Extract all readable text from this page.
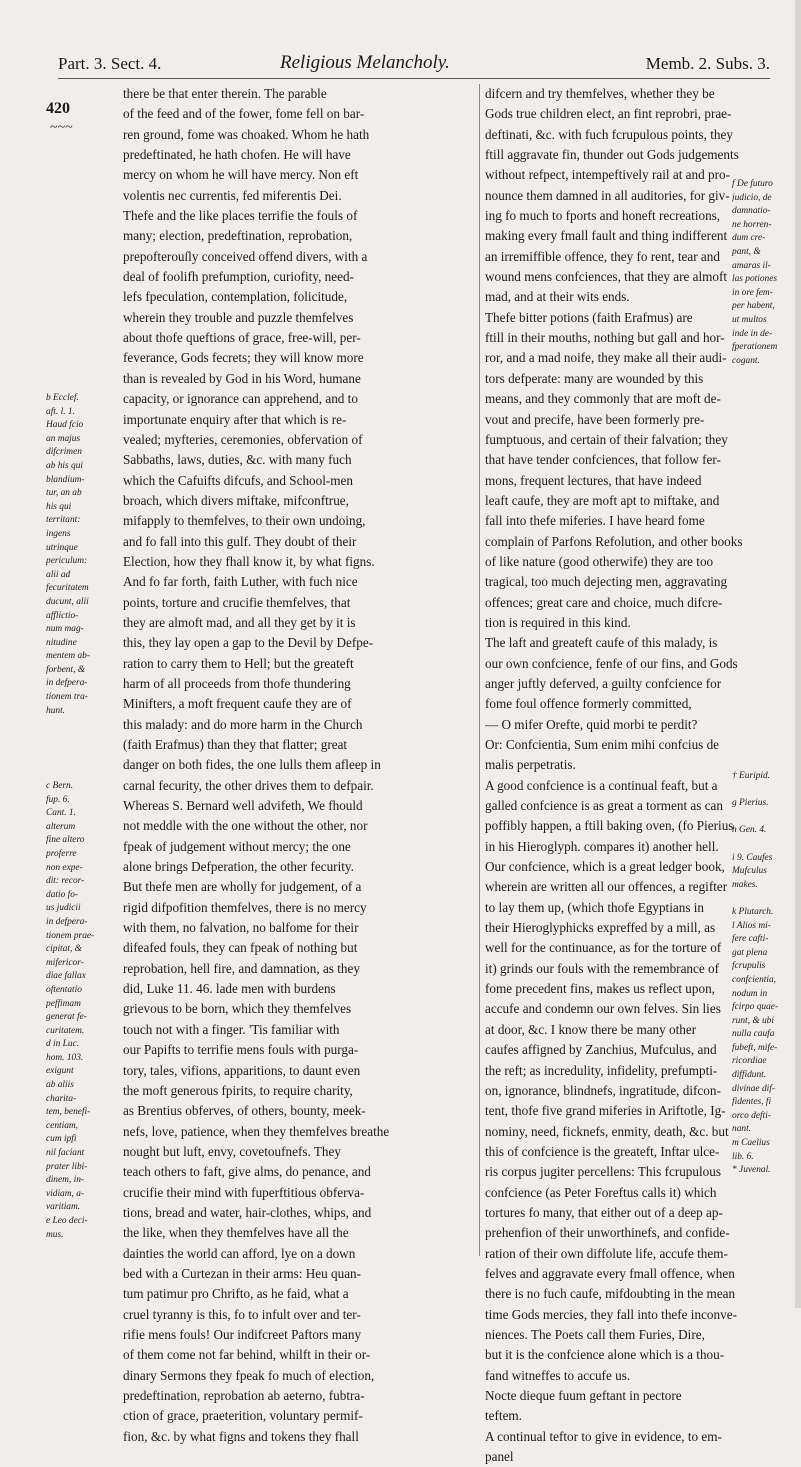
Part. 3. Sect. 4.	Religious Melancholy.	Memb. 2. Subs. 3.
420
~~~
b Ecclef.
aft. l. 1.
Haud fcio
an majus
difcrimen
ab his qui
blandium-
tur, an ab
his qui
territant:
ingens
utrinque
periculum:
alii ad
fecuritatem
ducunt, alii
afflictio-
num mag-
nitudine
mentem ab-
forbent, &
in defpera-
tionem tra-
hunt.
c Bern.
fup. 6.
Cant. 1.
alterum
fine altero
proferre
non expe-
dit: recor-
datio fo-
us judicii
in defpera-
tionem prae-
cipitat, &
mifericor-
diae fallax
oftentatio
peffimam
generat fe-
curitatem.
d in Luc.
hom. 103.
exigunt
ab aliis
charita-
tem, benefi-
centiam,
cum ipfi
nil faciant
prater libi-
dinem, in-
vidiam, a-
varitiam.
e Leo deci-
mus.
there be that enter therein. The parable
of the feed and of the fower, fome fell on bar-
ren ground, fome was choaked. Whom he hath
predeftinated, he hath chofen. He will have
mercy on whom he will have mercy. Non eft
volentis nec currentis, fed miferentis Dei.
Thefe and the like places terrifie the fouls of
many; election, predeftination, reprobation,
prepofterouſly conceived offend divers, with a
deal of foolifh prefumption, curiofity, need-
lefs fpeculation, contemplation, folicitude,
wherein they trouble and puzzle themfelves
about thofe queftions of grace, free-will, per-
feverance, Gods fecrets; they will know more
than is revealed by God in his Word, humane
capacity, or ignorance can apprehend, and to
importunate enquiry after that which is re-
vealed; myfteries, ceremonies, obfervation of
Sabbaths, laws, duties, &c. with many fuch
which the Cafuifts difcufs, and School-men
broach, which divers miftake, mifconftrue,
mifapply to themfelves, to their own undoing,
and fo fall into this gulf. They doubt of their
Election, how they fhall know it, by what figns.
And fo far forth, faith Luther, with fuch nice
points, torture and crucifie themfelves, that
they are almoft mad, and all they get by it is
this, they lay open a gap to the Devil by Defpe-
ration to carry them to Hell; but the greateft
harm of all proceeds from thofe thundering
Minifters, a moft frequent caufe they are of
this malady: and do more harm in the Church
(faith Erafmus) than they that flatter; great
danger on both fides, the one lulls them afleep in
carnal fecurity, the other drives them to defpair.
Whereas S. Bernard well advifeth, We fhould
not meddle with the one without the other, nor
fpeak of judgement without mercy; the one
alone brings Defperation, the other fecurity.
But thefe men are wholly for judgement, of a
rigid difpofition themfelves, there is no mercy
with them, no falvation, no balfome for their
difeafed fouls, they can fpeak of nothing but
reprobation, hell fire, and damnation, as they
did, Luke 11. 46. lade men with burdens
grievous to be born, which they themfelves
touch not with a finger. 'Tis familiar with
our Papifts to terrifie mens fouls with purga-
tory, tales, vifions, apparitions, to daunt even
the moft generous fpirits, to require charity,
as Brentius obferves, of others, bounty, meek-
nefs, love, patience, when they themfelves breathe
nought but luft, envy, covetoufnefs. They
teach others to faft, give alms, do penance, and
crucifie their mind with fuperftitious obferva-
tions, bread and water, hair-clothes, whips, and
the like, when they themfelves have all the
dainties the world can afford, lye on a down
bed with a Curtezan in their arms: Heu quan-
tum patimur pro Chrifto, as he faid, what a
cruel tyranny is this, fo to infult over and ter-
rifie mens fouls! Our indifcreet Paftors many
of them come not far behind, whilft in their or-
dinary Sermons they fpeak fo much of election,
predeftination, reprobation ab aeterno, fubtra-
ction of grace, praeterition, voluntary permif-
fion, &c. by what figns and tokens they fhall
difcern and try themfelves, whether they be
Gods true children elect, an fint reprobri, prae-
deftinati, &c. with fuch fcrupulous points, they
ftill aggravate fin, thunder out Gods judgements
without refpect, intempeftively rail at and pro-
nounce them damned in all auditories, for giv-
ing fo much to fports and honeft recreations,
making every fmall fault and thing indifferent
an irremiffible offence, they fo rent, tear and
wound mens confciences, that they are almoft
mad, and at their wits ends.
Thefe bitter potions (faith Erafmus) are
ftill in their mouths, nothing but gall and hor-
ror, and a mad noife, they make all their audi-
tors defperate: many are wounded by this
means, and they commonly that are moft de-
vout and precife, have been formerly pre-
fumptuous, and certain of their falvation; they
that have tender confciences, that follow fer-
mons, frequent lectures, that have indeed
leaft caufe, they are moft apt to miftake, and
fall into thefe miferies. I have heard fome
complain of Parfons Refolution, and other books
of like nature (good otherwife) they are too
tragical, too much dejecting men, aggravating
offences; great care and choice, much difcre-
tion is required in this kind.
The laft and greateft caufe of this malady, is
our own confcience, fenfe of our fins, and Gods
anger juftly deferved, a guilty confcience for
fome foul offence formerly committed,
— O mifer Orefte, quid morbi te perdit?
Or: Confcientia, Sum enim mihi confcius de
malis perpetratis.
A good confcience is a continual feaft, but a
galled confcience is as great a torment as can
poffibly happen, a ftill baking oven, (fo Pierius
in his Hieroglyph. compares it) another hell.
Our confcience, which is a great ledger book,
wherein are written all our offences, a regifter
to lay them up, (which thofe Egyptians in
their Hieroglyphicks expreffed by a mill, as
well for the continuance, as for the torture of
it) grinds our fouls with the remembrance of
fome precedent fins, makes us reflect upon,
accufe and condemn our own felves. Sin lies
at door, &c. I know there be many other
caufes affigned by Zanchius, Mufculus, and
the reft; as incredulity, infidelity, prefumpti-
on, ignorance, blindnefs, ingratitude, difcon-
tent, thofe five grand miferies in Ariftotle, Ig-
nominy, need, ficknefs, enmity, death, &c. but
this of confcience is the greateft, Inftar ulce-
ris corpus jugiter percellens: This fcrupulous
confcience (as Peter Foreftus calls it) which
tortures fo many, that either out of a deep ap-
prehenfion of their unworthinefs, and confide-
ration of their own diffolute life, accufe them-
felves and aggravate every fmall offence, when
there is no fuch caufe, mifdoubting in the mean
time Gods mercies, they fall into thefe inconve-
niences. The Poets call them Furies, Dire,
but it is the confcience alone which is a thou-
fand witneffes to accufe us.
Nocte dieque fuum geftant in pectore
teftem.
A continual teftor to give in evidence, to em-
panel
f De futuro
judicio, de
damnatio-
ne horren-
dum cre-
pant, &
amaras il-
las potiones
in ore fem-
per habent,
ut multos
inde in de-
fperationem
cogant.
† Euripid.
g Pierius.
h Gen. 4.
i 9. Caufes
Mufculus
makes.
k Plutarch.
l Alios mi-
fere cafti-
gat plena
fcrupulis
confcientia,
nodum in
fcirpo quae-
runt, & ubi
nulla caufa
fubeft, mife-
ricordiae
diffidunt.
divinae dif-
fidentes, fi
orco defti-
nant.
m Caelius
lib. 6.
* Juvenal.
